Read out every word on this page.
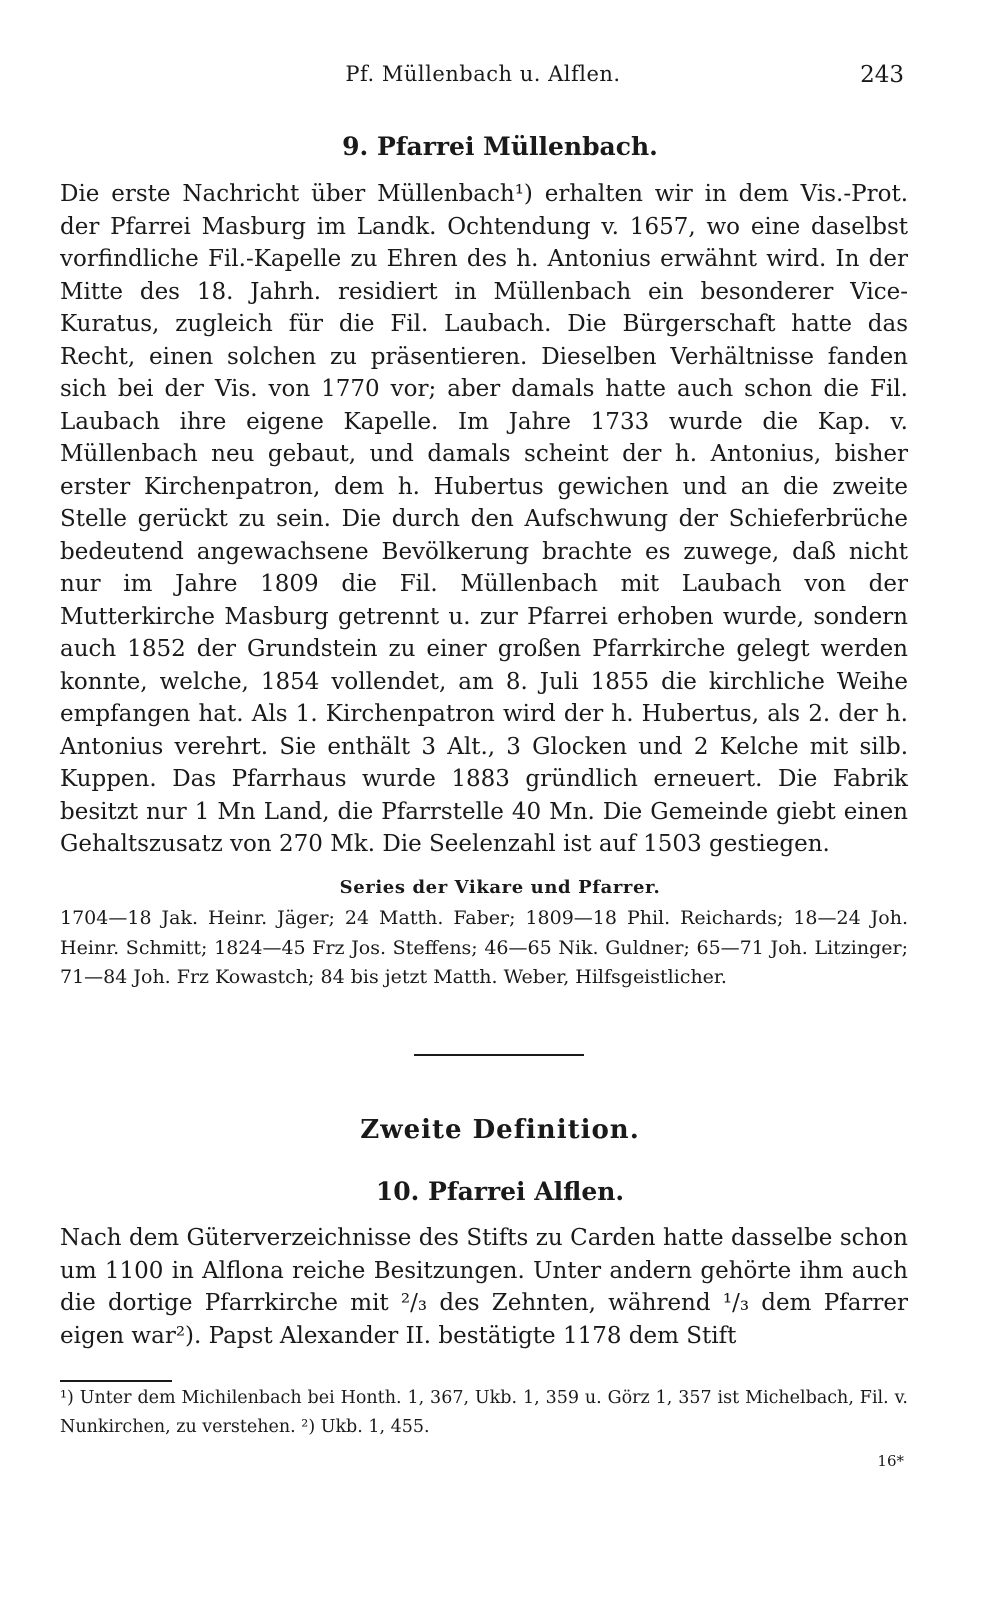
Pf. Müllenbach u. Alflen.	243
9. Pfarrei Müllenbach.
Die erste Nachricht über Müllenbach¹) erhalten wir in dem Vis.-Prot. der Pfarrei Masburg im Landk. Ochtendung v. 1657, wo eine daselbst vorfindliche Fil.-Kapelle zu Ehren des h. Antonius erwähnt wird. In der Mitte des 18. Jahrh. residiert in Müllenbach ein besonderer Vice-Kuratus, zugleich für die Fil. Laubach. Die Bürgerschaft hatte das Recht, einen solchen zu präsentieren. Dieselben Verhältnisse fanden sich bei der Vis. von 1770 vor; aber damals hatte auch schon die Fil. Laubach ihre eigene Kapelle. Im Jahre 1733 wurde die Kap. v. Müllenbach neu gebaut, und damals scheint der h. Antonius, bisher erster Kirchenpatron, dem h. Hubertus gewichen und an die zweite Stelle gerückt zu sein. Die durch den Aufschwung der Schieferbrüche bedeutend angewachsene Bevölkerung brachte es zuwege, daß nicht nur im Jahre 1809 die Fil. Müllenbach mit Laubach von der Mutterkirche Masburg getrennt u. zur Pfarrei erhoben wurde, sondern auch 1852 der Grundstein zu einer großen Pfarrkirche gelegt werden konnte, welche, 1854 vollendet, am 8. Juli 1855 die kirchliche Weihe empfangen hat. Als 1. Kirchenpatron wird der h. Hubertus, als 2. der h. Antonius verehrt. Sie enthält 3 Alt., 3 Glocken und 2 Kelche mit silb. Kuppen. Das Pfarrhaus wurde 1883 gründlich erneuert. Die Fabrik besitzt nur 1 Mn Land, die Pfarrstelle 40 Mn. Die Gemeinde giebt einen Gehaltszusatz von 270 Mk. Die Seelenzahl ist auf 1503 gestiegen.
Series der Vikare und Pfarrer.
1704—18 Jak. Heinr. Jäger; 24 Matth. Faber; 1809—18 Phil. Reichards; 18—24 Joh. Heinr. Schmitt; 1824—45 Frz Jos. Steffens; 46—65 Nik. Guldner; 65—71 Joh. Litzinger; 71—84 Joh. Frz Kowastch; 84 bis jetzt Matth. Weber, Hilfsgeistlicher.
Zweite Definition.
10. Pfarrei Alflen.
Nach dem Güterverzeichnisse des Stifts zu Carden hatte dasselbe schon um 1100 in Alflona reiche Besitzungen. Unter andern gehörte ihm auch die dortige Pfarrkirche mit ²/₃ des Zehnten, während ¹/₃ dem Pfarrer eigen war²). Papst Alexander II. bestätigte 1178 dem Stift
¹) Unter dem Michilenbach bei Honth. 1, 367, Ukb. 1, 359 u. Görz 1, 357 ist Michelbach, Fil. v. Nunkirchen, zu verstehen. ²) Ukb. 1, 455.
16*
